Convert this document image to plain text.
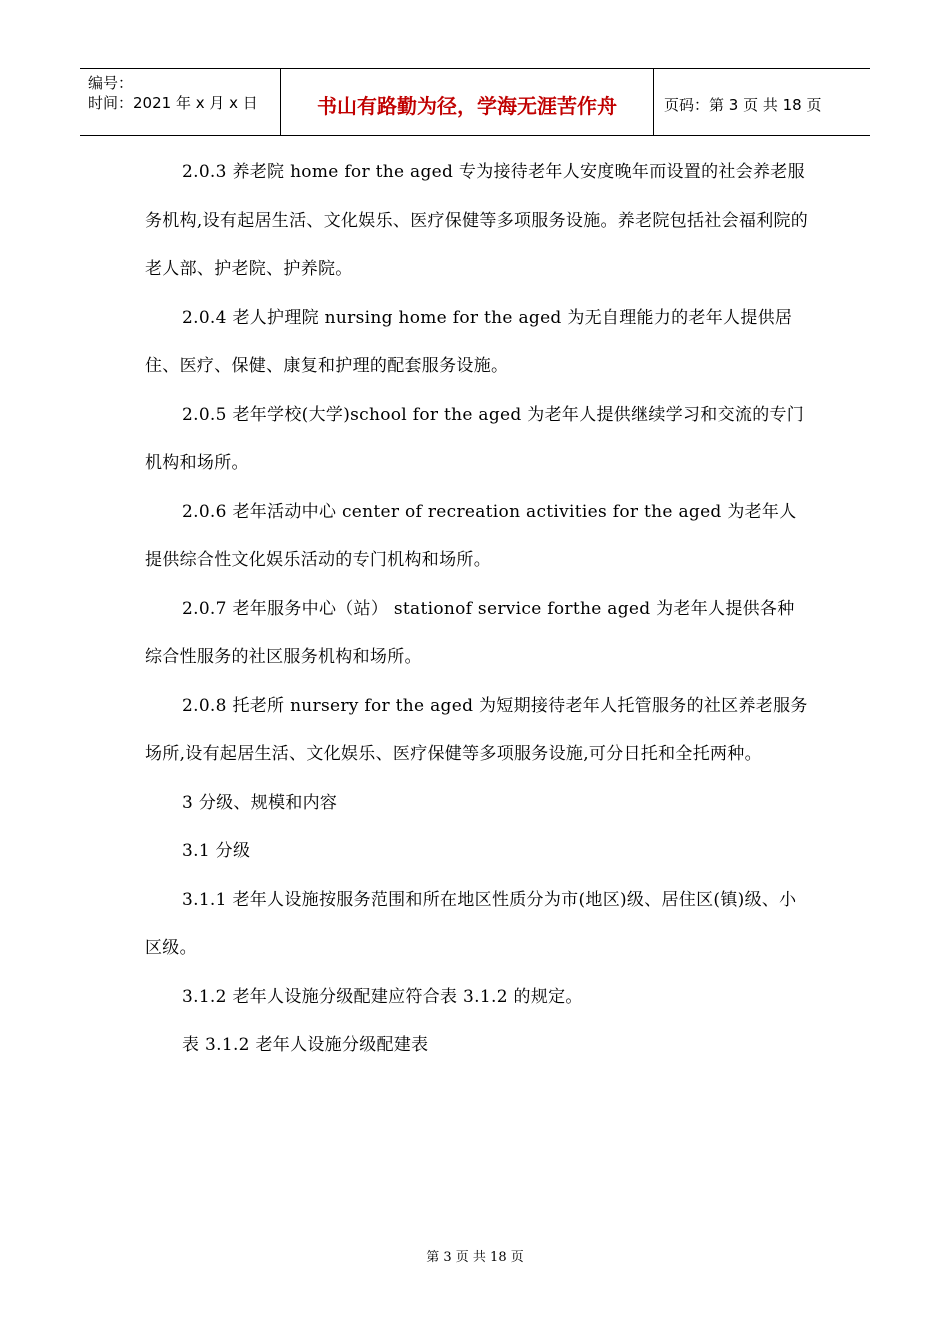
编号：
时间：2021 年 x 月 x 日	书山有路勤为径，学海无涯苦作舟	页码：第 3 页 共 18 页

2.0.3 养老院 home for the aged 专为接待老年人安度晚年而设置的社会养老服务机构,设有起居生活、文化娱乐、医疗保健等多项服务设施。养老院包括社会福利院的老人部、护老院、护养院。

2.0.4 老人护理院 nursing home for the aged 为无自理能力的老年人提供居住、医疗、保健、康复和护理的配套服务设施。

2.0.5 老年学校(大学)school for the aged 为老年人提供继续学习和交流的专门机构和场所。

2.0.6 老年活动中心 center of recreation activities for the aged 为老年人提供综合性文化娱乐活动的专门机构和场所。

2.0.7 老年服务中心（站） stationof service forthe aged 为老年人提供各种综合性服务的社区服务机构和场所。

2.0.8 托老所 nursery for the aged 为短期接待老年人托管服务的社区养老服务场所,设有起居生活、文化娱乐、医疗保健等多项服务设施,可分日托和全托两种。

3 分级、规模和内容

3.1 分级

3.1.1 老年人设施按服务范围和所在地区性质分为市(地区)级、居住区(镇)级、小区级。

3.1.2 老年人设施分级配建应符合表 3.1.2 的规定。

表 3.1.2 老年人设施分级配建表

第 3 页 共 18 页
